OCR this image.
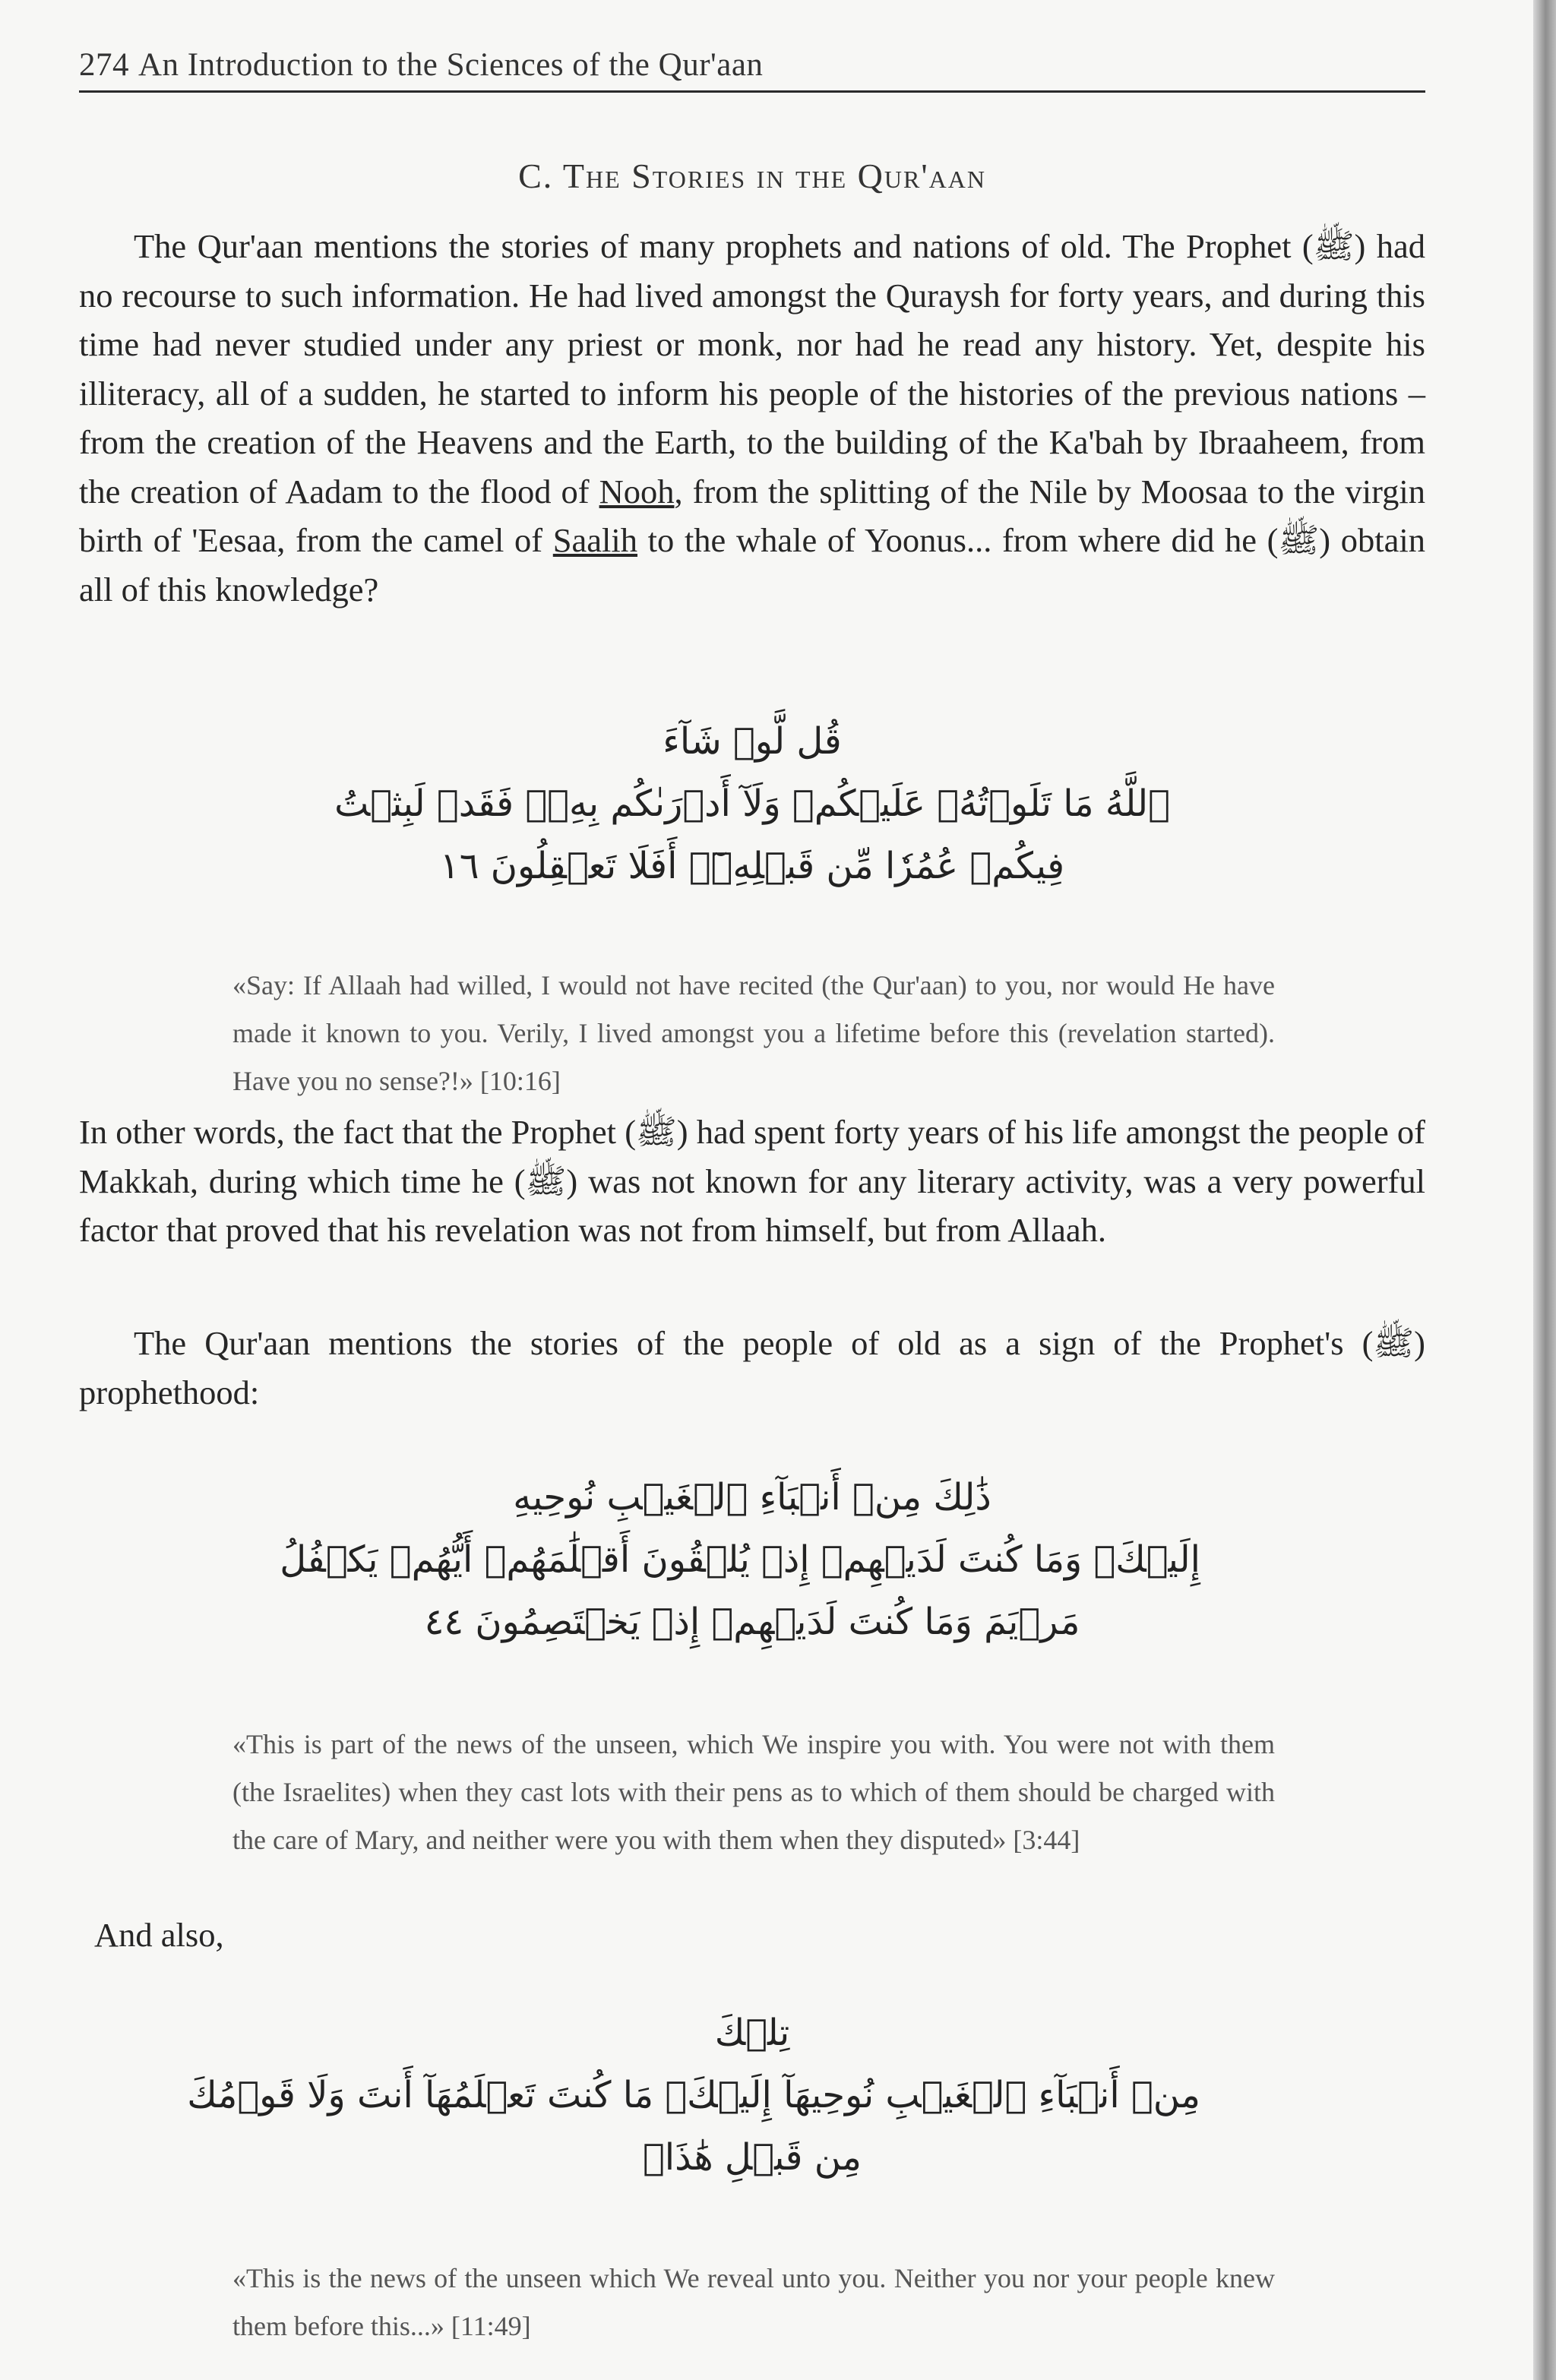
274 An Introduction to the Sciences of the Qur'aan
C. The Stories in the Qur'aan

The Qur'aan mentions the stories of many prophets and nations of old. The Prophet (ﷺ) had no recourse to such information. He had lived amongst the Quraysh for forty years, and during this time had never studied under any priest or monk, nor had he read any history. Yet, despite his illiteracy, all of a sudden, he started to inform his people of the histories of the previous nations – from the creation of the Heavens and the Earth, to the building of the Ka'bah by Ibraaheem, from the creation of Aadam to the flood of Nooh, from the splitting of the Nile by Moosaa to the virgin birth of 'Eesaa, from the camel of Saalih to the whale of Yoonus... from where did he (ﷺ) obtain all of this knowledge?

قُل لَّوۡ شَآءَ
ٱللَّهُ مَا تَلَوۡتُهُۥ عَلَيۡكُمۡ وَلَآ أَدۡرَىٰكُم بِهِۦۖ فَقَدۡ لَبِثۡتُ
فِيكُمۡ عُمُرٗا مِّن قَبۡلِهِۦٓۚ أَفَلَا تَعۡقِلُونَ ١٦

«Say: If Allaah had willed, I would not have recited (the Qur'aan) to you, nor would He have made it known to you. Verily, I lived amongst you a lifetime before this (revelation started). Have you no sense?!» [10:16]

In other words, the fact that the Prophet (ﷺ) had spent forty years of his life amongst the people of Makkah, during which time he (ﷺ) was not known for any literary activity, was a very powerful factor that proved that his revelation was not from himself, but from Allaah.

The Qur'aan mentions the stories of the people of old as a sign of the Prophet's (ﷺ) prophethood:

ذَٰلِكَ مِنۡ أَنۢبَآءِ ٱلۡغَيۡبِ نُوحِيهِ
إِلَيۡكَۚ وَمَا كُنتَ لَدَيۡهِمۡ إِذۡ يُلۡقُونَ أَقۡلَٰمَهُمۡ أَيُّهُمۡ يَكۡفُلُ
مَرۡيَمَ وَمَا كُنتَ لَدَيۡهِمۡ إِذۡ يَخۡتَصِمُونَ ٤٤

«This is part of the news of the unseen, which We inspire you with. You were not with them (the Israelites) when they cast lots with their pens as to which of them should be charged with the care of Mary, and neither were you with them when they disputed» [3:44]

And also,

تِلۡكَ
مِنۡ أَنۢبَآءِ ٱلۡغَيۡبِ نُوحِيهَآ إِلَيۡكَۖ مَا كُنتَ تَعۡلَمُهَآ أَنتَ وَلَا قَوۡمُكَ
مِن قَبۡلِ هَٰذَاۖ

«This is the news of the unseen which We reveal unto you. Neither you nor your people knew them before this...» [11:49]
